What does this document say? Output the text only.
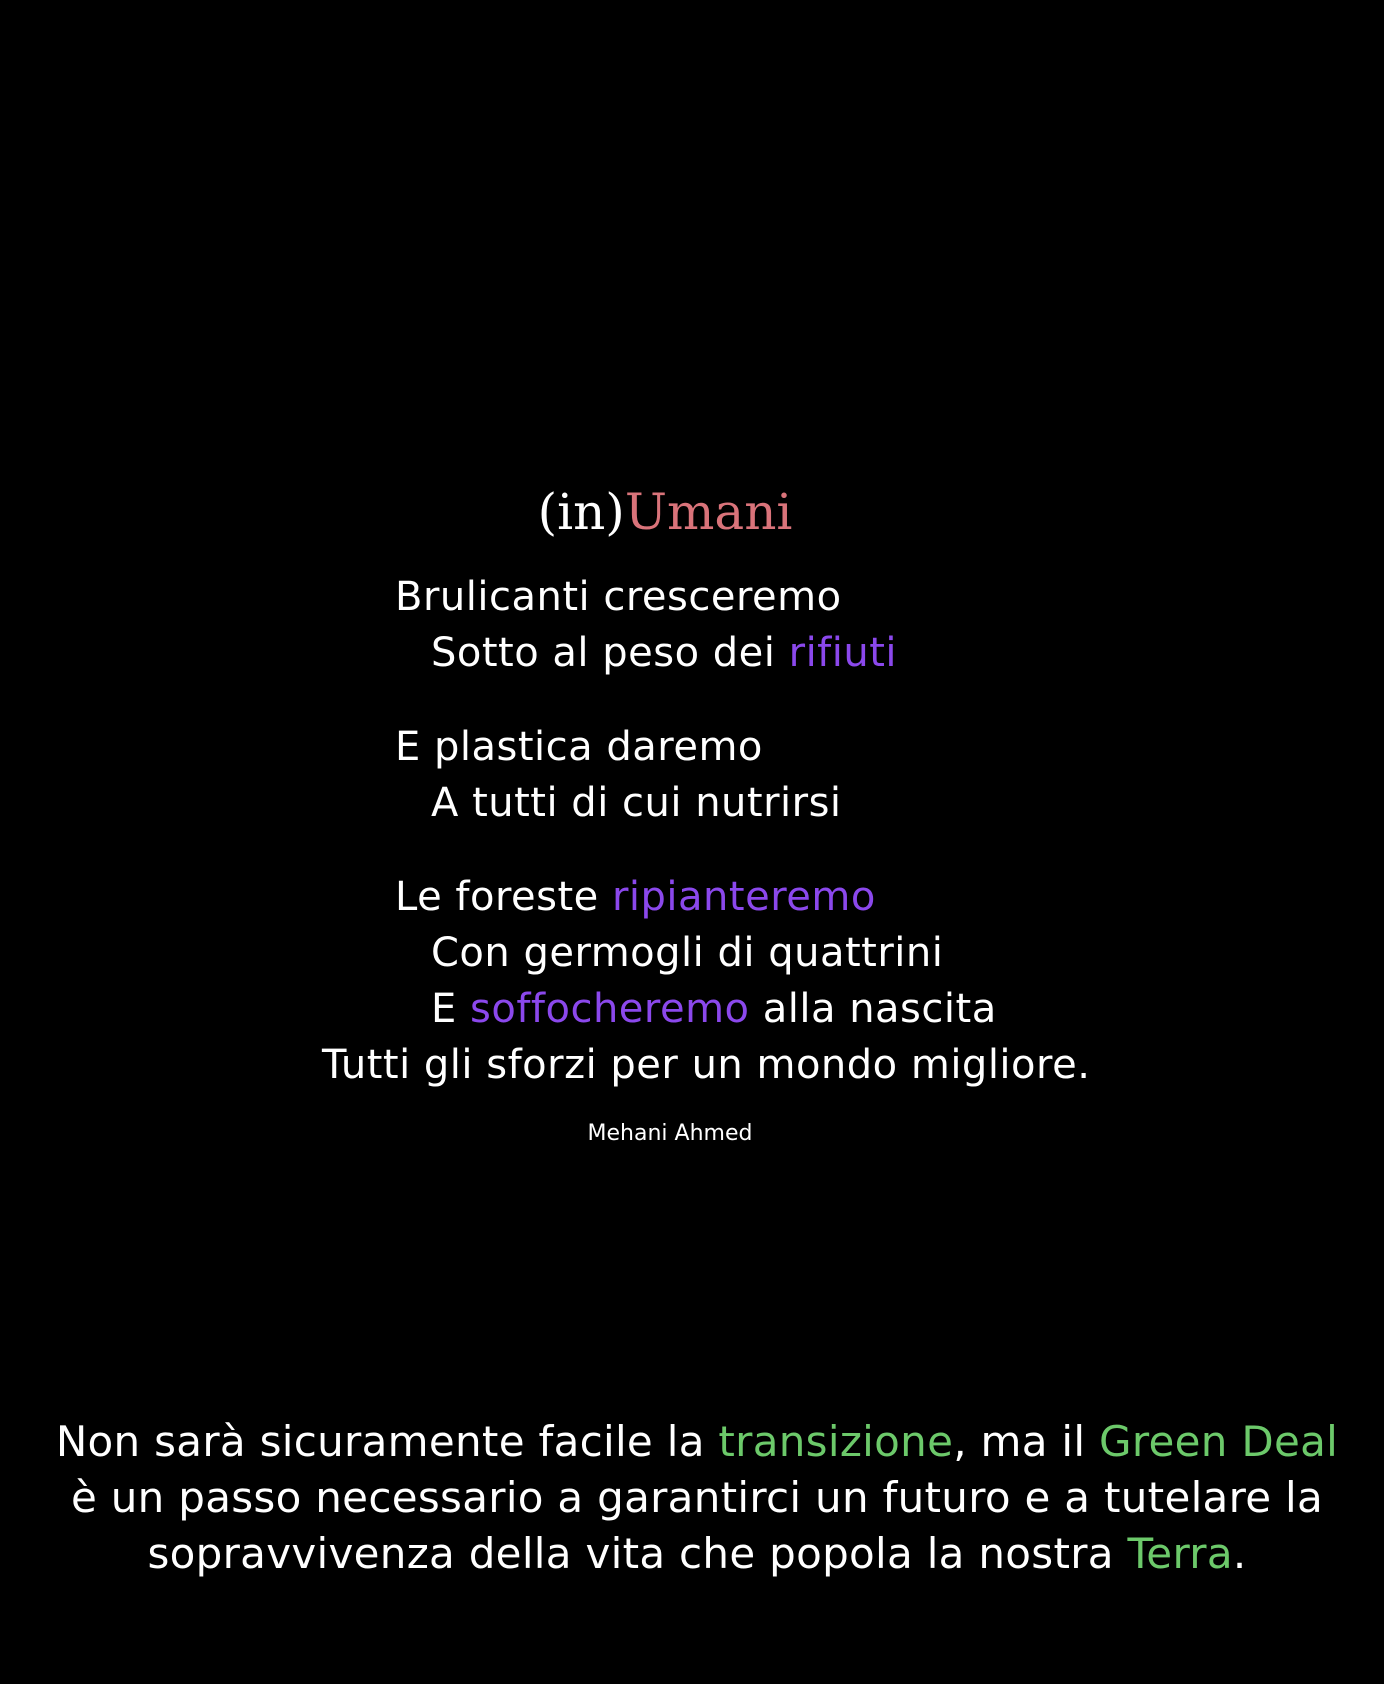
(in)Umani
Brulicanti cresceremo
Sotto al peso dei rifiuti
E plastica daremo
A tutti di cui nutrirsi
Le foreste ripianteremo
Con germogli di quattrini
E soffocheremo alla nascita
Tutti gli sforzi per un mondo migliore.
Mehani Ahmed
Non sarà sicuramente facile la transizione, ma il Green Deal è un passo necessario a garantirci un futuro e a tutelare la sopravvivenza della vita che popola la nostra Terra.
